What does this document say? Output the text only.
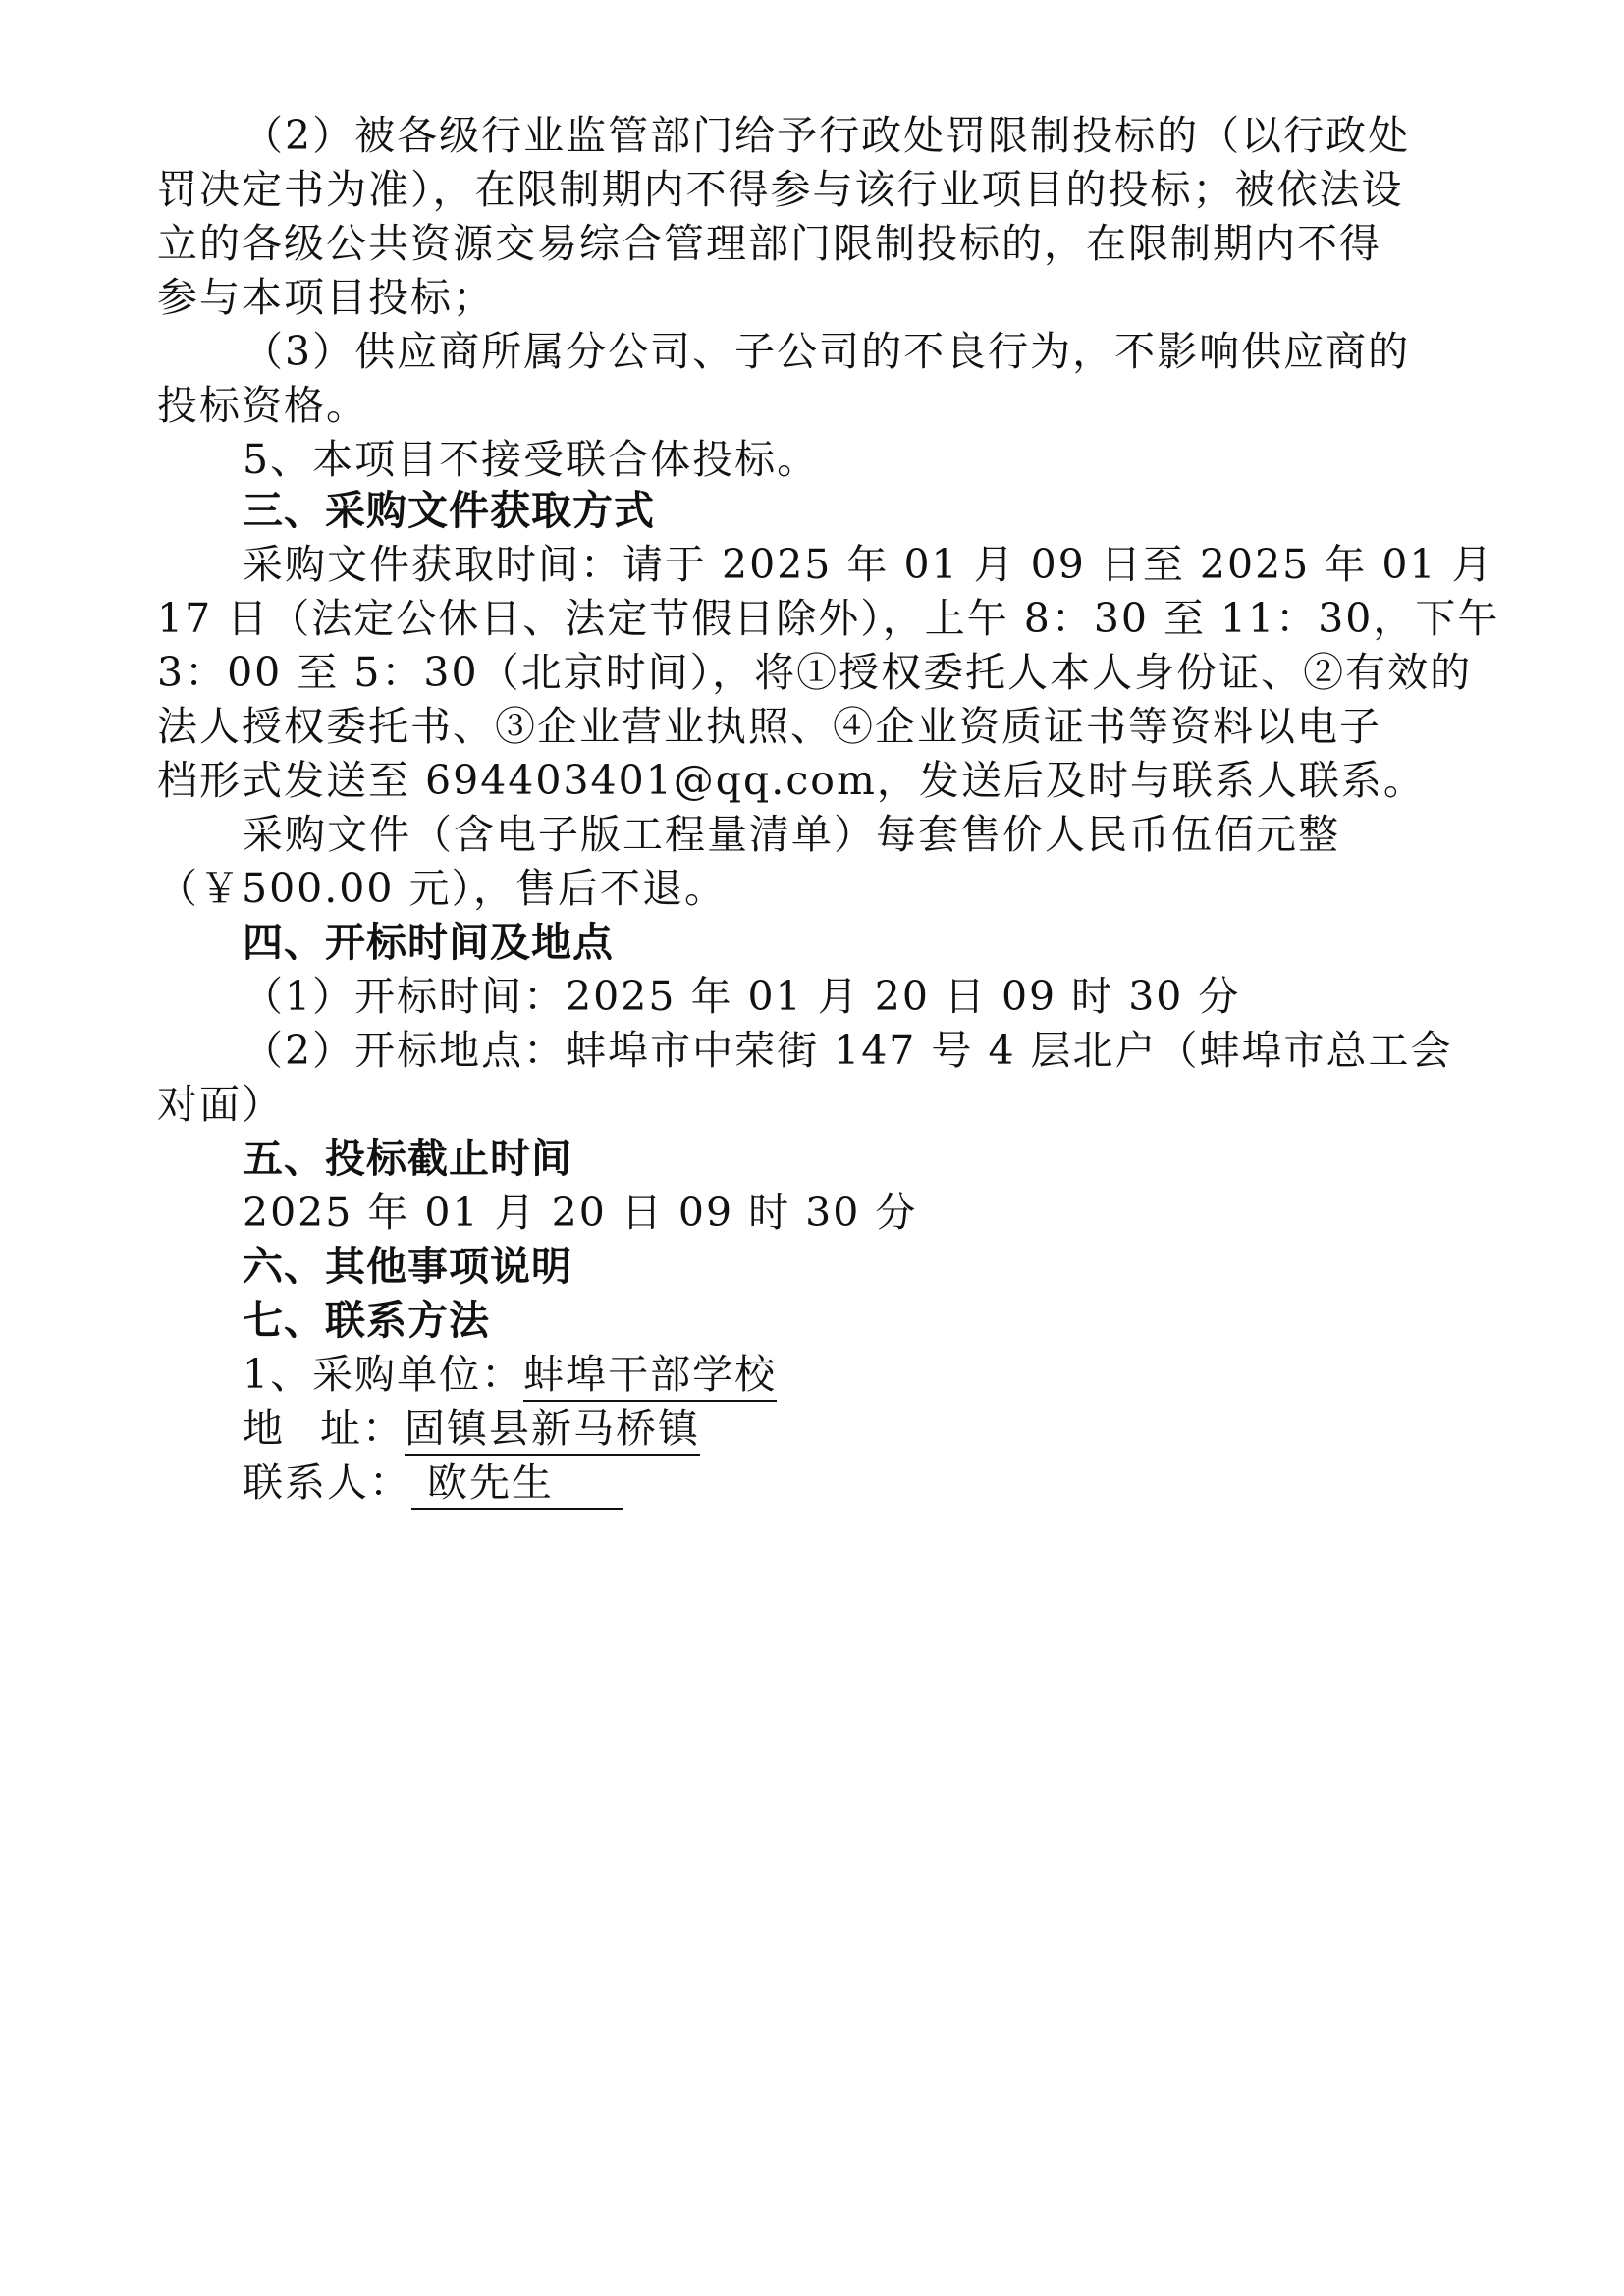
（2）被各级行业监管部门给予行政处罚限制投标的（以行政处
罚决定书为准），在限制期内不得参与该行业项目的投标；被依法设
立的各级公共资源交易综合管理部门限制投标的，在限制期内不得
参与本项目投标；
（3）供应商所属分公司、子公司的不良行为，不影响供应商的
投标资格。
5、本项目不接受联合体投标。
三、采购文件获取方式
采购文件获取时间：请于 2025 年 01 月 09 日至 2025 年 01 月
17 日（法定公休日、法定节假日除外），上午 8：30 至 11：30，下午
3：00 至 5：30（北京时间），将①授权委托人本人身份证、②有效的
法人授权委托书、③企业营业执照、④企业资质证书等资料以电子
档形式发送至 694403401@qq.com，发送后及时与联系人联系。
采购文件（含电子版工程量清单）每套售价人民币伍佰元整
（￥500.00 元），售后不退。
四、开标时间及地点
（1）开标时间：2025 年 01 月 20 日 09 时 30 分
（2）开标地点：蚌埠市中荣街 147 号 4 层北户（蚌埠市总工会
对面）
五、投标截止时间
2025 年 01 月 20 日 09 时 30 分
六、其他事项说明
七、联系方法
1、采购单位：蚌埠干部学校
地址：固镇县新马桥镇
联系人： 欧先生
